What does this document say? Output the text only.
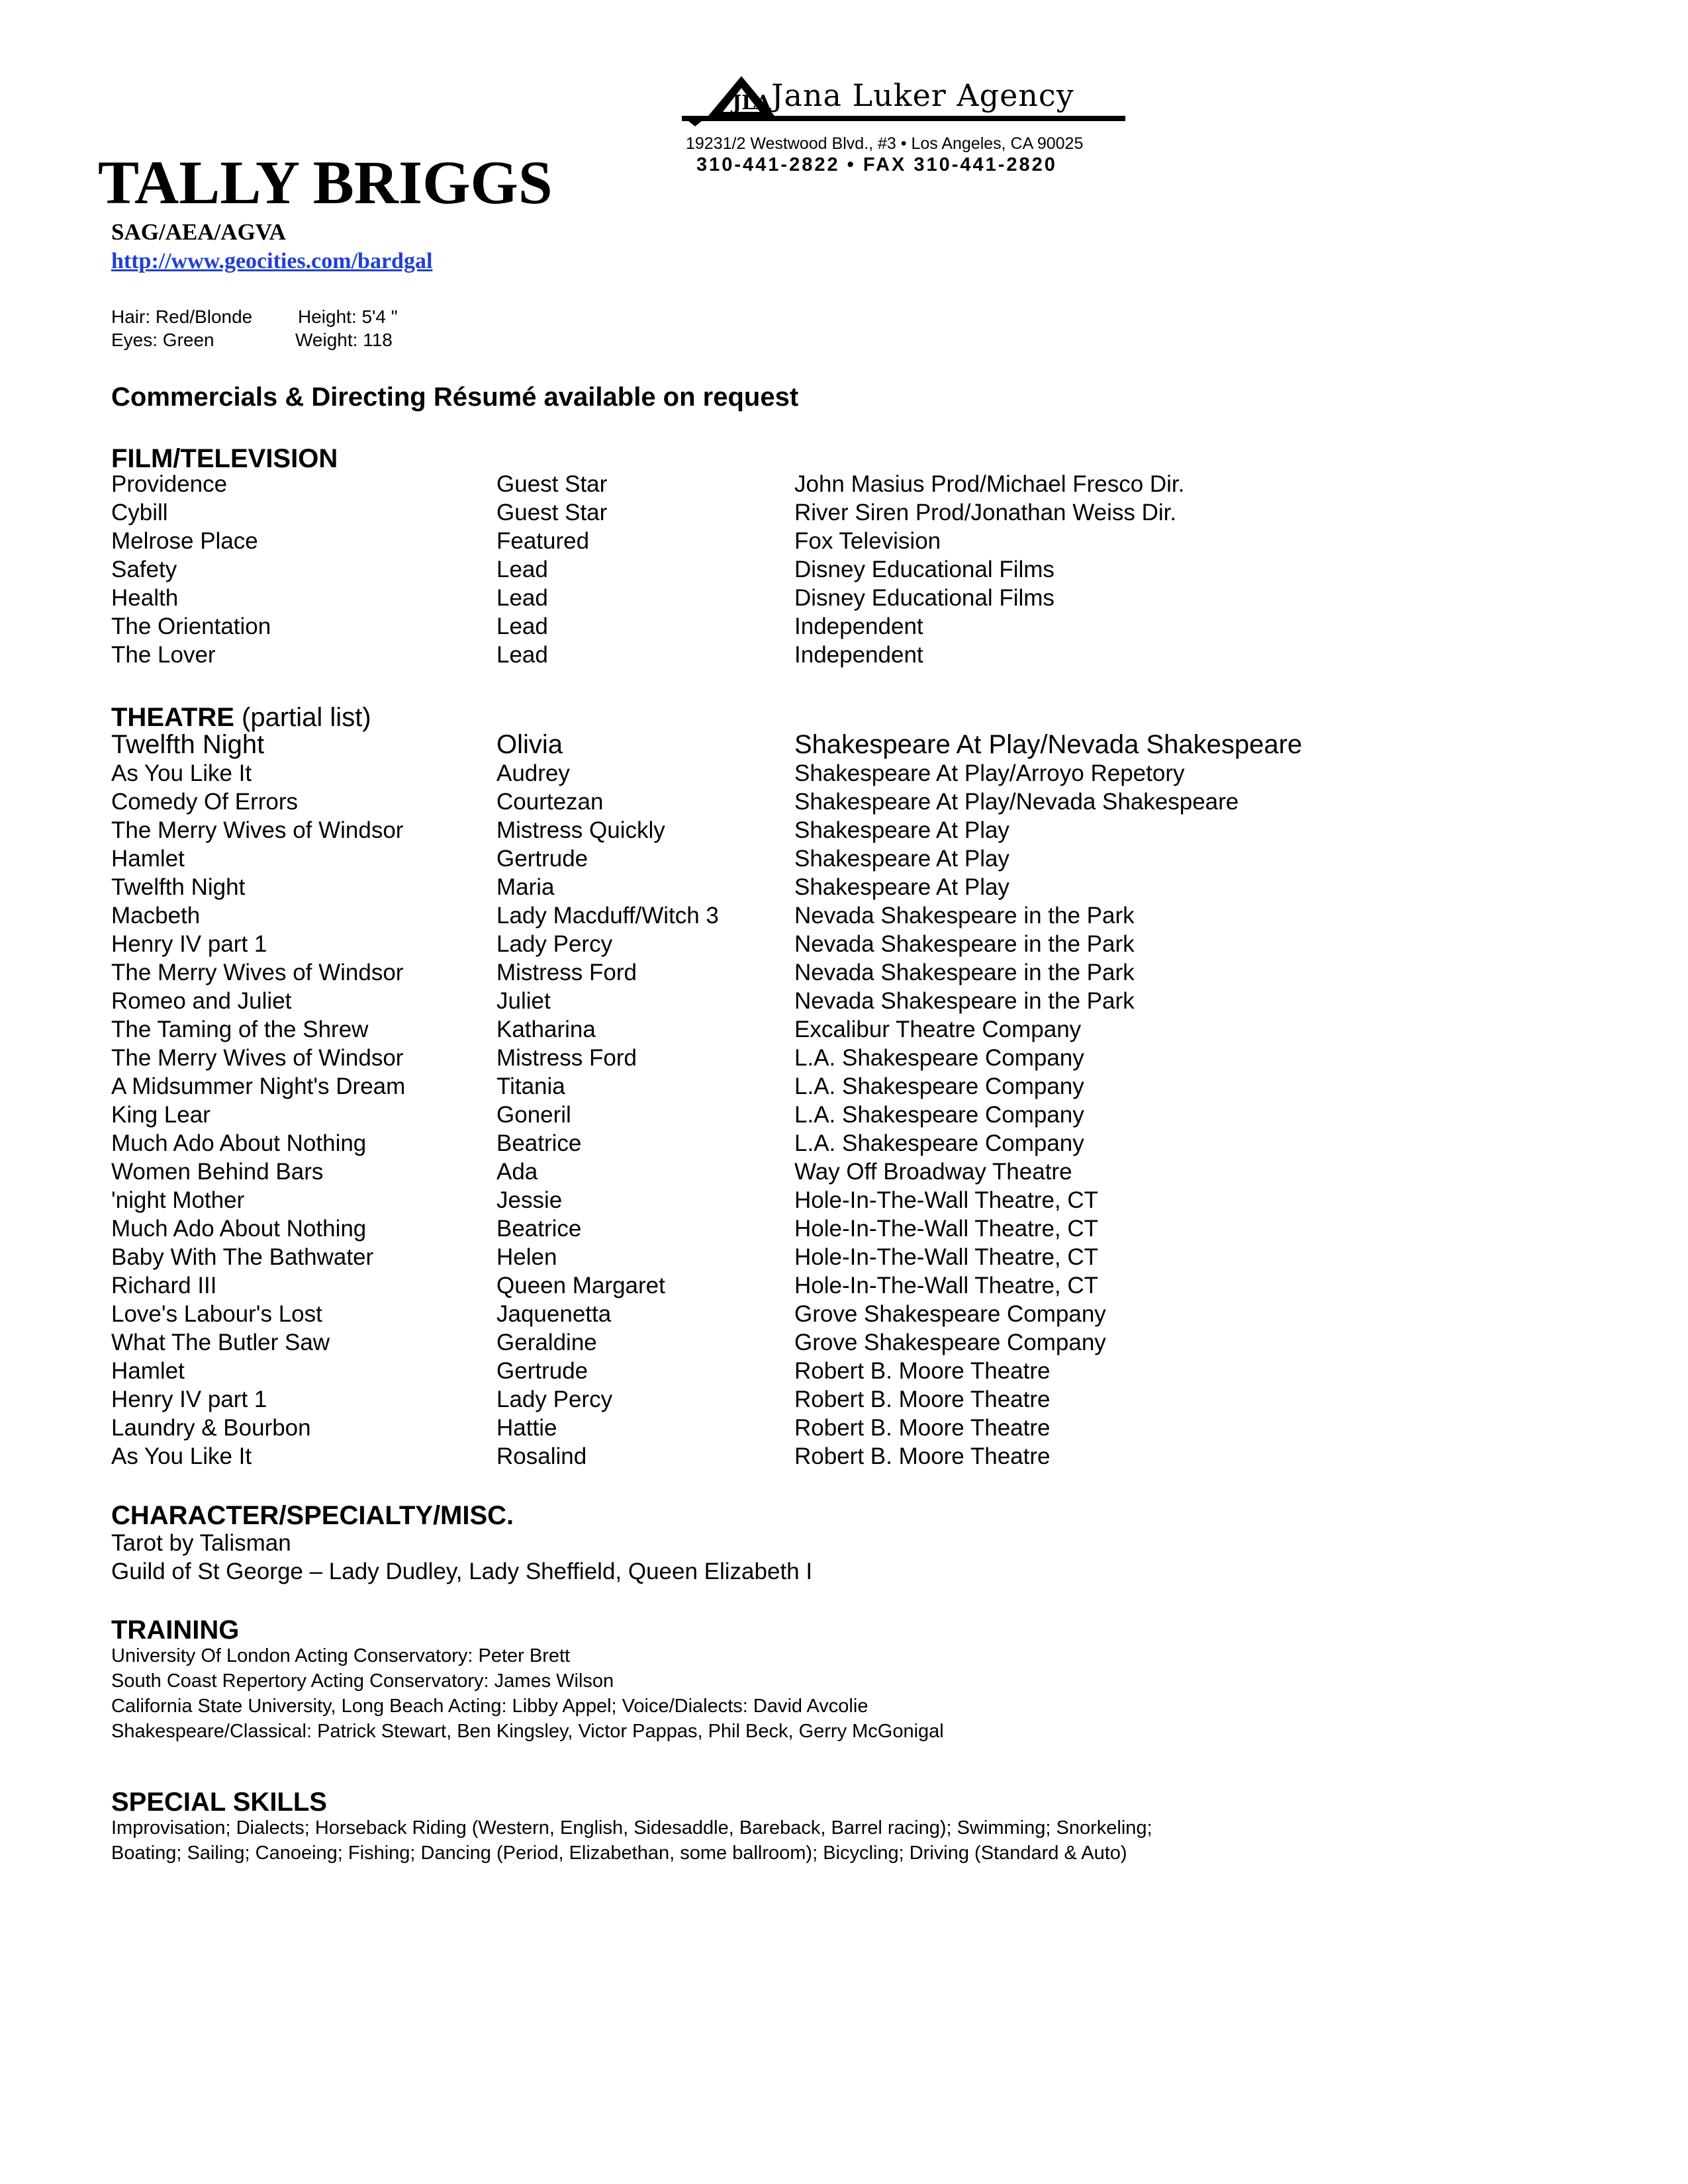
JLA Jana Luker Agency
19231/2 Westwood Blvd., #3 • Los Angeles, CA 90025
310-441-2822 • FAX 310-441-2820
TALLY BRIGGS
SAG/AEA/AGVA
http://www.geocities.com/bardgal
Hair: Red/Blonde Height: 5'4 "
Eyes: Green	Weight: 118
Commercials & Directing Résumé available on request
FILM/TELEVISION
Providence	Guest Star	John Masius Prod/Michael Fresco Dir.
Cybill	Guest Star	River Siren Prod/Jonathan Weiss Dir.
Melrose Place	Featured	Fox Television
Safety	Lead	Disney Educational Films
Health	Lead	Disney Educational Films
The Orientation	Lead	Independent
The Lover	Lead	Independent
THEATRE (partial list)
Twelfth Night	Olivia	Shakespeare At Play/Nevada Shakespeare
As You Like It	Audrey	Shakespeare At Play/Arroyo Repetory
Comedy Of Errors	Courtezan	Shakespeare At Play/Nevada Shakespeare
The Merry Wives of Windsor	Mistress Quickly	Shakespeare At Play
Hamlet	Gertrude	Shakespeare At Play
Twelfth Night	Maria	Shakespeare At Play
Macbeth	Lady Macduff/Witch 3	Nevada Shakespeare in the Park
Henry IV part 1	Lady Percy	Nevada Shakespeare in the Park
The Merry Wives of Windsor	Mistress Ford	Nevada Shakespeare in the Park
Romeo and Juliet	Juliet	Nevada Shakespeare in the Park
The Taming of the Shrew	Katharina	Excalibur Theatre Company
The Merry Wives of Windsor	Mistress Ford	L.A. Shakespeare Company
A Midsummer Night's Dream	Titania	L.A. Shakespeare Company
King Lear	Goneril	L.A. Shakespeare Company
Much Ado About Nothing	Beatrice	L.A. Shakespeare Company
Women Behind Bars	Ada	Way Off Broadway Theatre
'night Mother	Jessie	Hole-In-The-Wall Theatre, CT
Much Ado About Nothing	Beatrice	Hole-In-The-Wall Theatre, CT
Baby With The Bathwater	Helen	Hole-In-The-Wall Theatre, CT
Richard III	Queen Margaret	Hole-In-The-Wall Theatre, CT
Love's Labour's Lost	Jaquenetta	Grove Shakespeare Company
What The Butler Saw	Geraldine	Grove Shakespeare Company
Hamlet	Gertrude	Robert B. Moore Theatre
Henry IV part 1	Lady Percy	Robert B. Moore Theatre
Laundry & Bourbon	Hattie	Robert B. Moore Theatre
As You Like It	Rosalind	Robert B. Moore Theatre
CHARACTER/SPECIALTY/MISC.
Tarot by Talisman
Guild of St George – Lady Dudley, Lady Sheffield, Queen Elizabeth I
TRAINING
University Of London Acting Conservatory: Peter Brett
South Coast Repertory Acting Conservatory: James Wilson
California State University, Long Beach Acting: Libby Appel; Voice/Dialects: David Avcolie
Shakespeare/Classical: Patrick Stewart, Ben Kingsley, Victor Pappas, Phil Beck, Gerry McGonigal
SPECIAL SKILLS
Improvisation; Dialects; Horseback Riding (Western, English, Sidesaddle, Bareback, Barrel racing); Swimming; Snorkeling;
Boating; Sailing; Canoeing; Fishing; Dancing (Period, Elizabethan, some ballroom); Bicycling; Driving (Standard & Auto)
